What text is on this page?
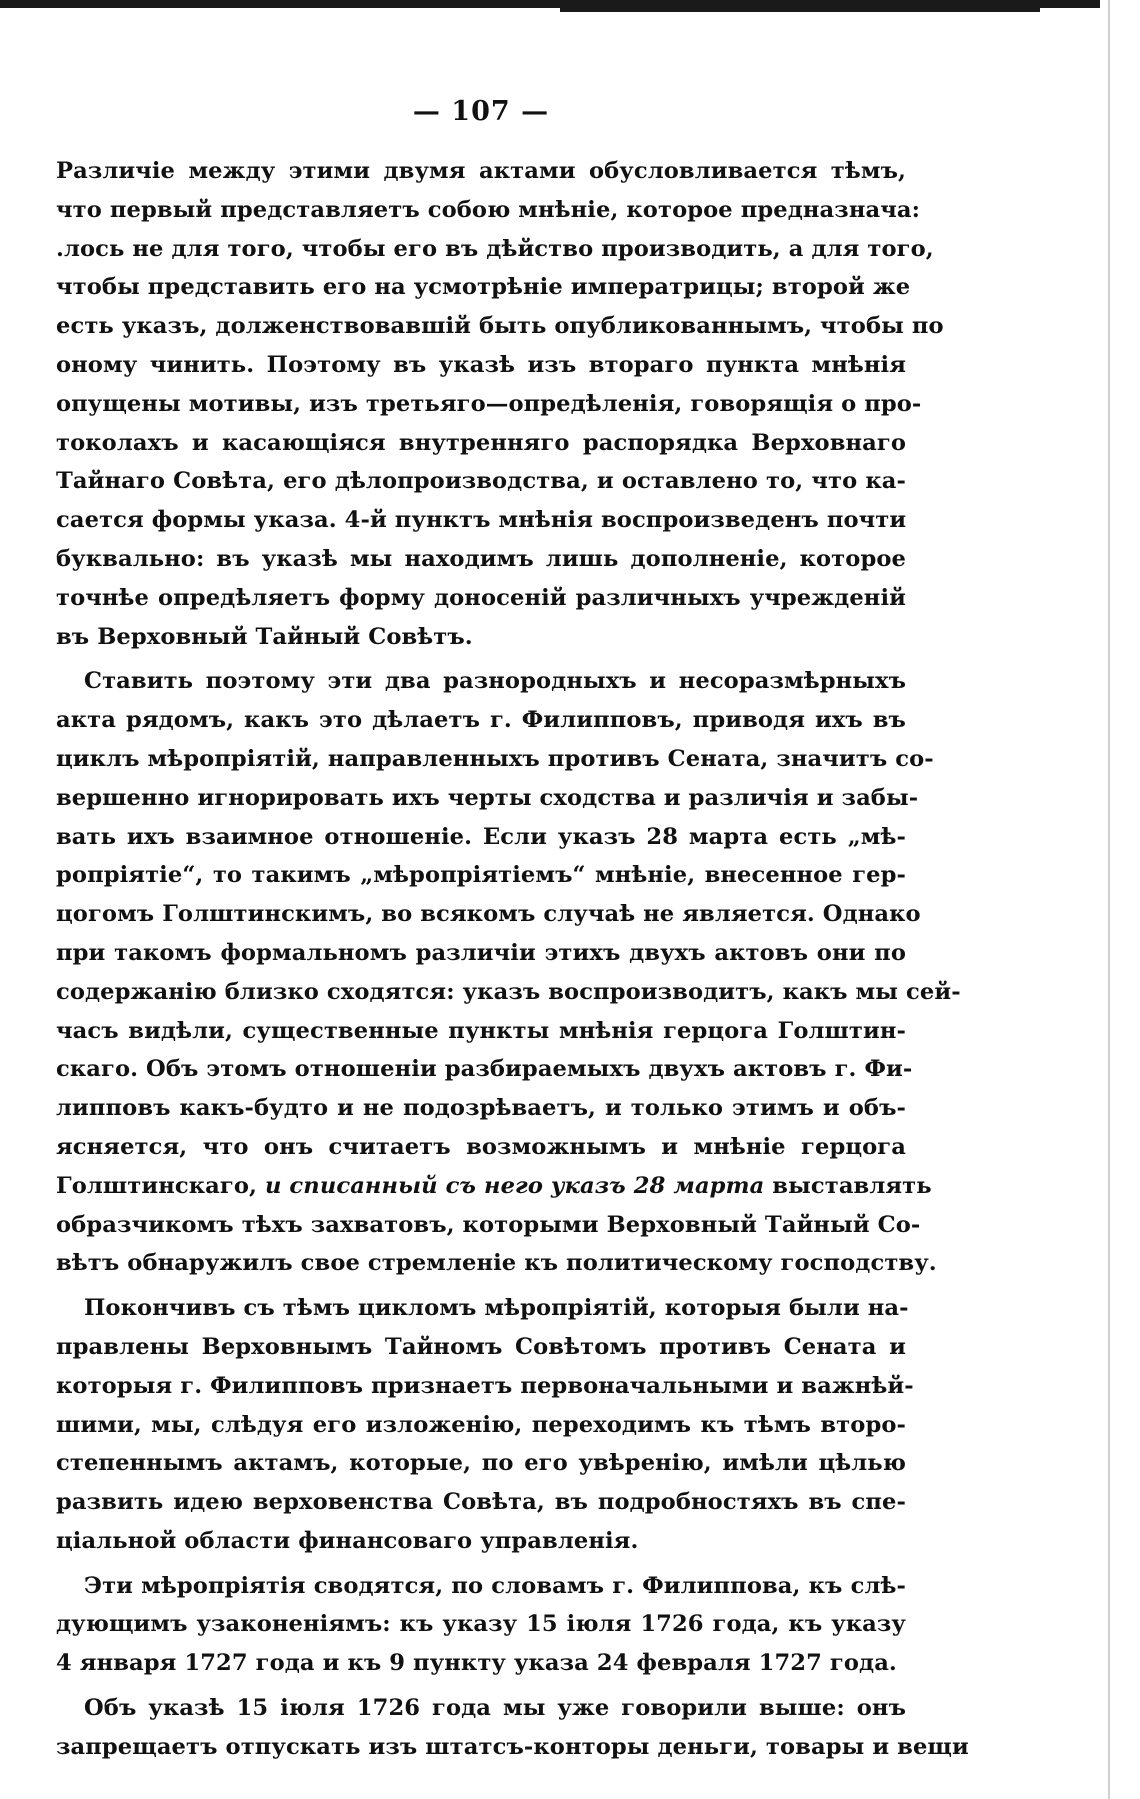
— 107 —

Различіе между этими двумя актами обусловливается тѣмъ,
что первый представляетъ собою мнѣніе, которое предназнача:
.лось не для того, чтобы его въ дѣйство производить, а для того,
чтобы представить его на усмотрѣніе императрицы; второй же
есть указъ, долженствовавшій быть опубликованнымъ, чтобы по
оному чинить. Поэтому въ указѣ изъ втораго пункта мнѣнія
опущены мотивы, изъ третьяго—опредѣленія, говорящія о про-
токолахъ и касающіяся внутренняго распорядка Верховнаго
Тайнаго Совѣта, его дѣлопроизводства, и оставлено то, что ка-
сается формы указа. 4-й пунктъ мнѣнія воспроизведенъ почти
буквально: въ указѣ мы находимъ лишь дополненіе, которое
точнѣе опредѣляетъ форму доносеній различныхъ учрежденій
въ Верховный Тайный Совѣтъ.

Ставить поэтому эти два разнородныхъ и несоразмѣрныхъ
акта рядомъ, какъ это дѣлаетъ г. Филипповъ, приводя ихъ въ
циклъ мѣропріятій, направленныхъ противъ Сената, значитъ со-
вершенно игнорировать ихъ черты сходства и различія и забы-
вать ихъ взаимное отношеніе. Если указъ 28 марта есть „мѣ-
ропріятіе“, то такимъ „мѣропріятіемъ“ мнѣніе, внесенное гер-
цогомъ Голштинскимъ, во всякомъ случаѣ не является. Однако
при такомъ формальномъ различіи этихъ двухъ актовъ они по
содержанію близко сходятся: указъ воспроизводитъ, какъ мы сей-
часъ видѣли, существенные пункты мнѣнія герцога Голштин-
скаго. Объ этомъ отношеніи разбираемыхъ двухъ актовъ г. Фи-
липповъ какъ-будто и не подозрѣваетъ, и только этимъ и объ-
ясняется, что онъ считаетъ возможнымъ и мнѣніе герцога
Голштинскаго, и списанный съ него указъ 28 марта выставлять
образчикомъ тѣхъ захватовъ, которыми Верховный Тайный Со-
вѣтъ обнаружилъ свое стремленіе къ политическому господству.

Покончивъ съ тѣмъ цикломъ мѣропріятій, которыя были на-
правлены Верховнымъ Тайномъ Совѣтомъ противъ Сената и
которыя г. Филипповъ признаетъ первоначальными и важнѣй-
шими, мы, слѣдуя его изложенію, переходимъ къ тѣмъ второ-
степеннымъ актамъ, которые, по его увѣренію, имѣли цѣлью
развить идею верховенства Совѣта, въ подробностяхъ въ спе-
ціальной области финансоваго управленія.

Эти мѣропріятія сводятся, по словамъ г. Филиппова, къ слѣ-
дующимъ узаконеніямъ: къ указу 15 іюля 1726 года, къ указу
4 января 1727 года и къ 9 пункту указа 24 февраля 1727 года.

Объ указѣ 15 іюля 1726 года мы уже говорили выше: онъ
запрещаетъ отпускать изъ штатсъ-конторы деньги, товары и вещи
